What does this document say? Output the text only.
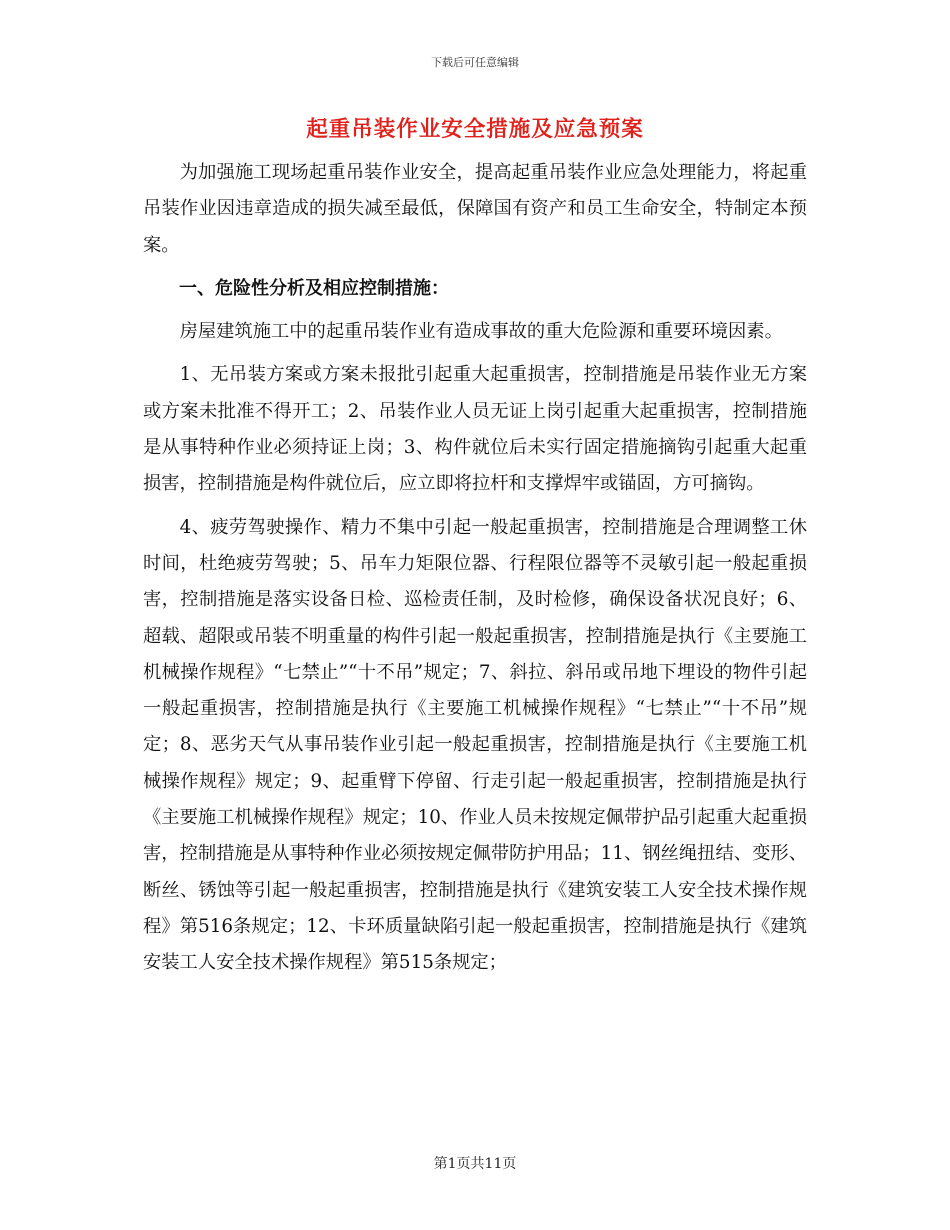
下载后可任意编辑
起重吊装作业安全措施及应急预案

为加强施工现场起重吊装作业安全，提高起重吊装作业应急处理能力，将起重吊装作业因违章造成的损失减至最低，保障国有资产和员工生命安全，特制定本预案。

一、危险性分析及相应控制措施：

房屋建筑施工中的起重吊装作业有造成事故的重大危险源和重要环境因素。

1、无吊装方案或方案未报批引起重大起重损害，控制措施是吊装作业无方案或方案未批准不得开工；2、吊装作业人员无证上岗引起重大起重损害，控制措施是从事特种作业必须持证上岗；3、构件就位后未实行固定措施摘钩引起重大起重损害，控制措施是构件就位后，应立即将拉杆和支撑焊牢或锚固，方可摘钩。

4、疲劳驾驶操作、精力不集中引起一般起重损害，控制措施是合理调整工休时间，杜绝疲劳驾驶；5、吊车力矩限位器、行程限位器等不灵敏引起一般起重损害，控制措施是落实设备日检、巡检责任制，及时检修，确保设备状况良好；6、超载、超限或吊装不明重量的构件引起一般起重损害，控制措施是执行《主要施工机械操作规程》“七禁止”“十不吊”规定；7、斜拉、斜吊或吊地下埋设的物件引起一般起重损害，控制措施是执行《主要施工机械操作规程》“七禁止”“十不吊”规定；8、恶劣天气从事吊装作业引起一般起重损害，控制措施是执行《主要施工机械操作规程》规定；9、起重臂下停留、行走引起一般起重损害，控制措施是执行《主要施工机械操作规程》规定；10、作业人员未按规定佩带护品引起重大起重损害，控制措施是从事特种作业必须按规定佩带防护用品；11、钢丝绳扭结、变形、断丝、锈蚀等引起一般起重损害，控制措施是执行《建筑安装工人安全技术操作规程》第516条规定；12、卡环质量缺陷引起一般起重损害，控制措施是执行《建筑安装工人安全技术操作规程》第515条规定；

第1页共11页
